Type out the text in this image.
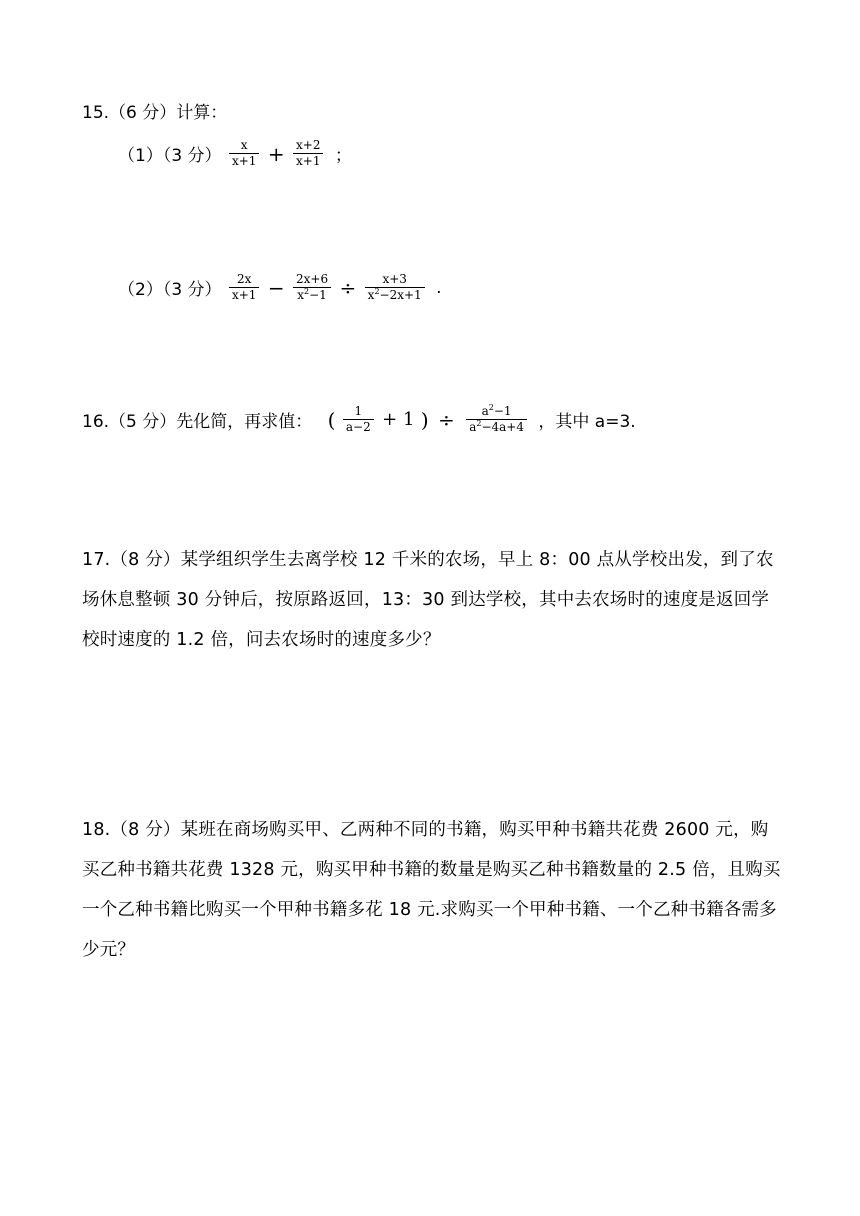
15.（6 分）计算：
（1）（3 分） $\frac{x}{x+1} + \frac{x+2}{x+1}$ ；
（2）（3 分） $\frac{2x}{x+1} - \frac{2x+6}{x^2-1} \div \frac{x+3}{x^2-2x+1}$ .
16.（5 分）先化简，再求值： ( $\frac{1}{a-2} + 1$ ) ÷ $\frac{a^2-1}{a^2-4a+4}$ ，其中 a=3.
17.（8 分）某学组织学生去离学校 12 千米的农场，早上 8：00 点从学校出发，到了农场休息整顿 30 分钟后，按原路返回，13：30 到达学校，其中去农场时的速度是返回学校时速度的 1.2 倍，问去农场时的速度多少？
18.（8 分）某班在商场购买甲、乙两种不同的书籍，购买甲种书籍共花费 2600 元，购买乙种书籍共花费 1328 元，购买甲种书籍的数量是购买乙种书籍数量的 2.5 倍，且购买一个乙种书籍比购买一个甲种书籍多花 18 元.求购买一个甲种书籍、一个乙种书籍各需多少元？
